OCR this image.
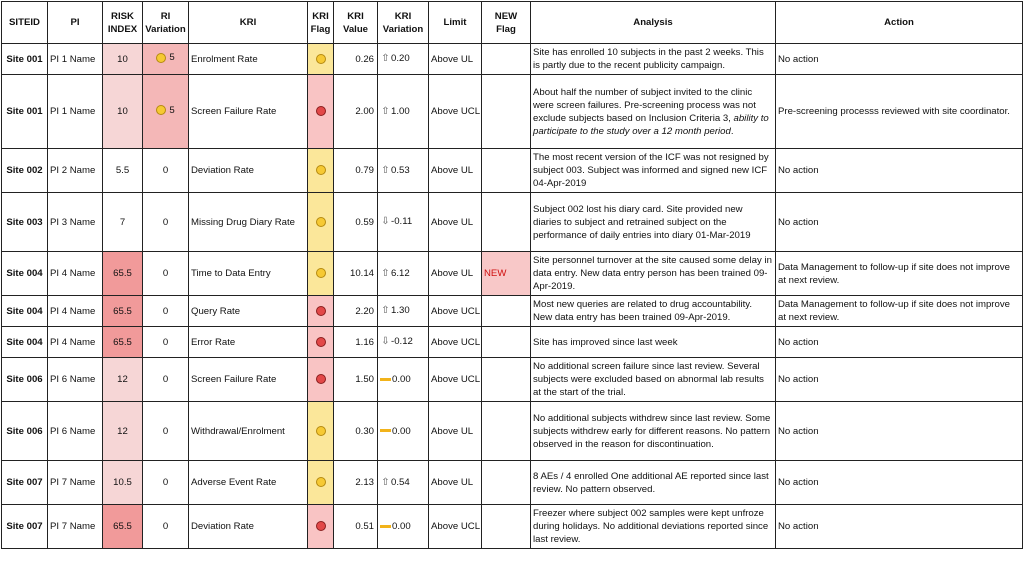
SITEID	PI	RISK INDEX	RI Variation	KRI	KRI Flag	KRI Value	KRI Variation	Limit	NEW Flag	Analysis	Action
Site 001	PI 1 Name	10	5	Enrolment Rate		0.26	⇧0.20	Above UL		Site has enrolled 10 subjects in the past 2 weeks. This is partly due to the recent publicity campaign.	No action
Site 001	PI 1 Name	10	5	Screen Failure Rate		2.00	⇧1.00	Above UCL		About half the number of subject invited to the clinic were screen failures. Pre-screening process was not exclude subjects based on Inclusion Criteria 3, ability to participate to the study over a 12 month period.	Pre-screening processs reviewed with site coordinator.
Site 002	PI 2 Name	5.5	0	Deviation Rate		0.79	⇧0.53	Above UL		The most recent version of the ICF was not resigned by subject 003. Subject was informed and signed new ICF 04-Apr-2019	No action
Site 003	PI 3 Name	7	0	Missing Drug Diary Rate		0.59	⇩-0.11	Above UL		Subject 002 lost his diary card. Site provided new diaries to subject and retrained subject on the performance of daily entries into diary 01-Mar-2019	No action
Site 004	PI 4 Name	65.5	0	Time to Data Entry		10.14	⇧6.12	Above UL	NEW	Site personnel turnover at the site caused some delay in data entry. New data entry person has been trained 09-Apr-2019.	Data Management to follow-up if site does not improve at next review.
Site 004	PI 4 Name	65.5	0	Query Rate		2.20	⇧1.30	Above UCL		Most new queries are related to drug accountability. New data entry has been trained 09-Apr-2019.	Data Management to follow-up if site does not improve at next review.
Site 004	PI 4 Name	65.5	0	Error Rate		1.16	⇩-0.12	Above UCL		Site has improved since last week	No action
Site 006	PI 6 Name	12	0	Screen Failure Rate		1.50	0.00	Above UCL		No additional screen failure since last review. Several subjects were excluded based on abnormal lab results at the start of the trial.	No action
Site 006	PI 6 Name	12	0	Withdrawal/Enrolment		0.30	0.00	Above UL		No additional subjects withdrew since last review. Some subjects withdrew early for different reasons. No pattern observed in the reason for discontinuation.	No action
Site 007	PI 7 Name	10.5	0	Adverse Event Rate		2.13	⇧0.54	Above UL		8 AEs / 4 enrolled One additional AE reported since last review. No pattern observed.	No action
Site 007	PI 7 Name	65.5	0	Deviation Rate		0.51	0.00	Above UCL		Freezer where subject 002 samples were kept unfroze during holidays. No additional deviations reported since last review.	No action
